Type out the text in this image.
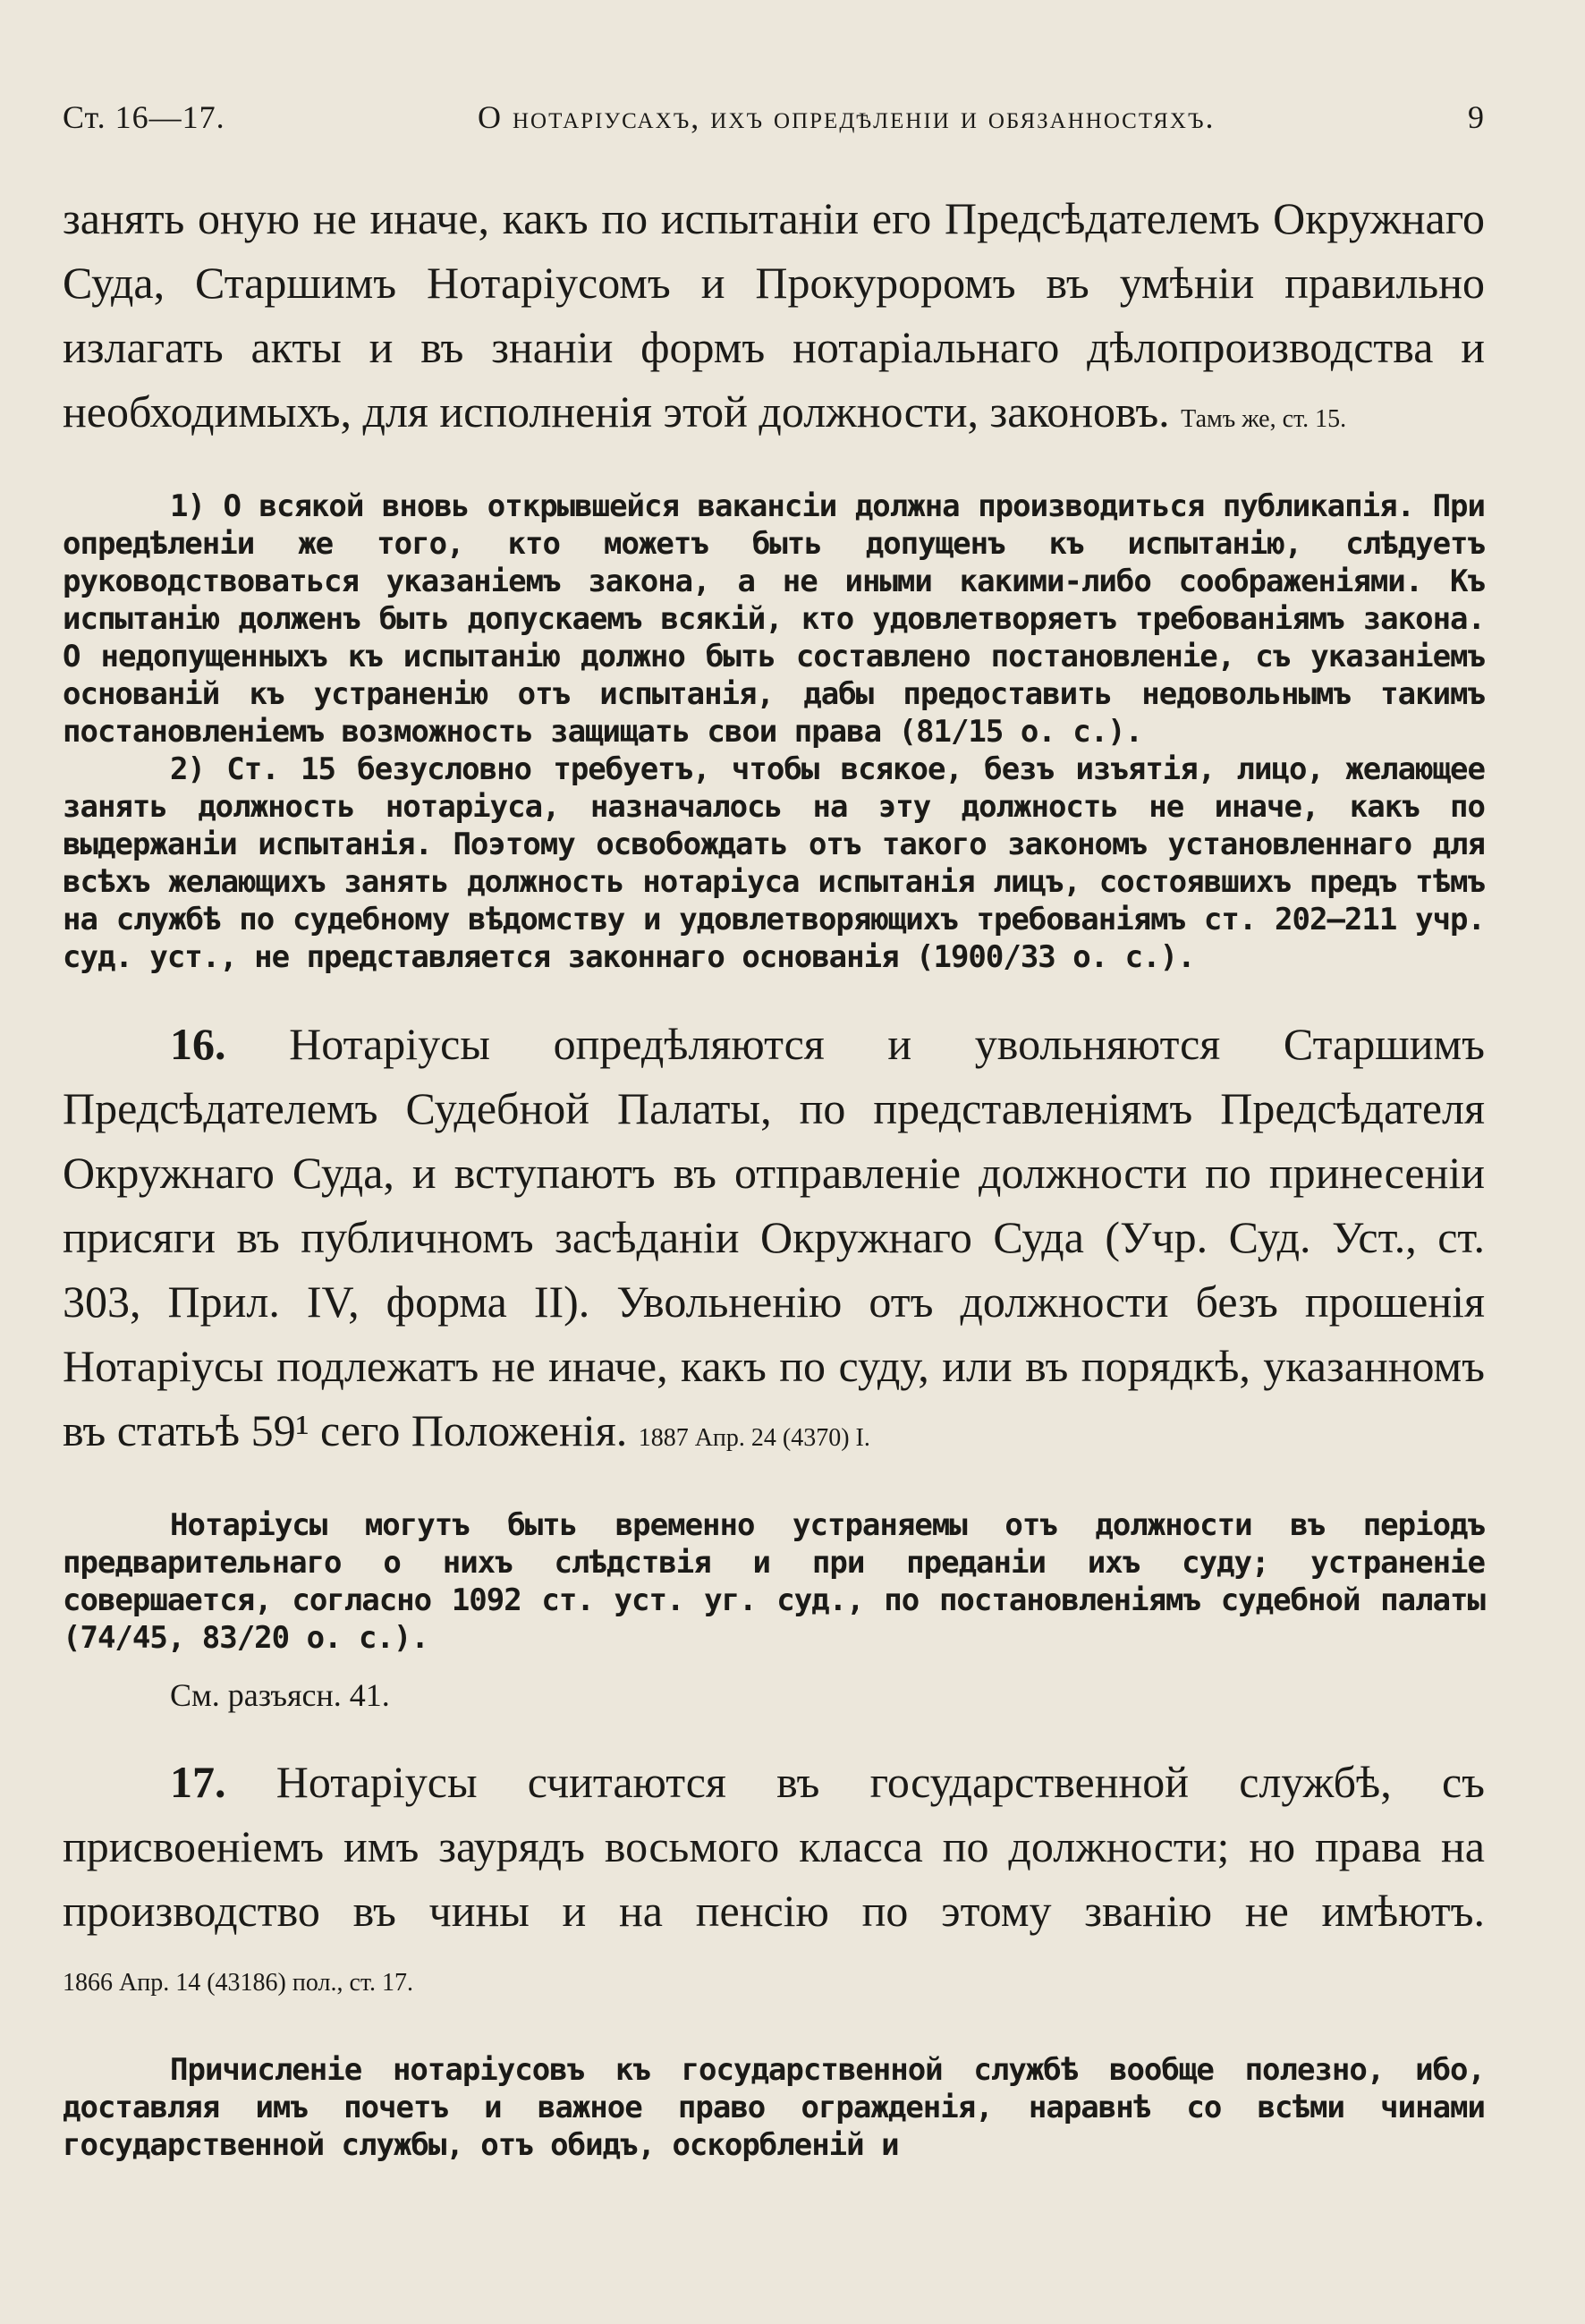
Ст. 16—17.	О нотаріусахъ, ихъ опредѣленіи и обязанностяхъ.	9

занять оную не иначе, какъ по испытаніи его Предсѣдателемъ Окружнаго Суда, Старшимъ Нотаріусомъ и Прокуроромъ въ умѣніи правильно излагать акты и въ знаніи формъ нотаріальнаго дѣлопроизводства и необходимыхъ, для исполненія этой должности, законовъ. Тамъ же, ст. 15.

1) О всякой вновь открывшейся вакансіи должна производиться публикапія. При опредѣленіи же того, кто можетъ быть допущенъ къ испытанію, слѣдуетъ руководствоваться указаніемъ закона, а не иными какими-либо соображеніями. Къ испытанію долженъ быть допускаемъ всякій, кто удовлетворяетъ требованіямъ закона. О недопущенныхъ къ испытанію должно быть составлено постановленіе, съ указаніемъ основаній къ устраненію отъ испытанія, дабы предоставить недовольнымъ такимъ постановленіемъ возможность защищать свои права (81/15 о. с.).

2) Ст. 15 безусловно требуетъ, чтобы всякое, безъ изъятія, лицо, желающее занять должность нотаріуса, назначалось на эту должность не иначе, какъ по выдержаніи испытанія. Поэтому освобождать отъ такого закономъ установленнаго для всѣхъ желающихъ занять должность нотаріуса испытанія лицъ, состоявшихъ предъ тѣмъ на службѣ по судебному вѣдомству и удовлетворяющихъ требованіямъ ст. 202—211 учр. суд. уст., не представляется законнаго основанія (1900/33 о. с.).

16. Нотаріусы опредѣляются и увольняются Старшимъ Предсѣдателемъ Судебной Палаты, по представленіямъ Предсѣдателя Окружнаго Суда, и вступаютъ въ отправленіе должности по принесеніи присяги въ публичномъ засѣданіи Окружнаго Суда (Учр. Суд. Уст., ст. 303, Прил. IV, форма II). Увольненію отъ должности безъ прошенія Нотаріусы подлежатъ не иначе, какъ по суду, или въ порядкѣ, указанномъ въ статьѣ 59¹ сего Положенія. 1887 Апр. 24 (4370) I.

Нотаріусы могутъ быть временно устраняемы отъ должности въ періодъ предварительнаго о нихъ слѣдствія и при преданіи ихъ суду; устраненіе совершается, согласно 1092 ст. уст. уг. суд., по постановленіямъ судебной палаты (74/45, 83/20 о. с.).

См. разъясн. 41.

17. Нотаріусы считаются въ государственной службѣ, съ присвоеніемъ имъ заурядъ восьмого класса по должности; но права на производство въ чины и на пенсію по этому званію не имѣютъ. 1866 Апр. 14 (43186) пол., ст. 17.

Причисленіе нотаріусовъ къ государственной службѣ вообще полезно, ибо, доставляя имъ почетъ и важное право огражденія, наравнѣ со всѣми чинами государственной службы, отъ обидъ, оскорбленій и
